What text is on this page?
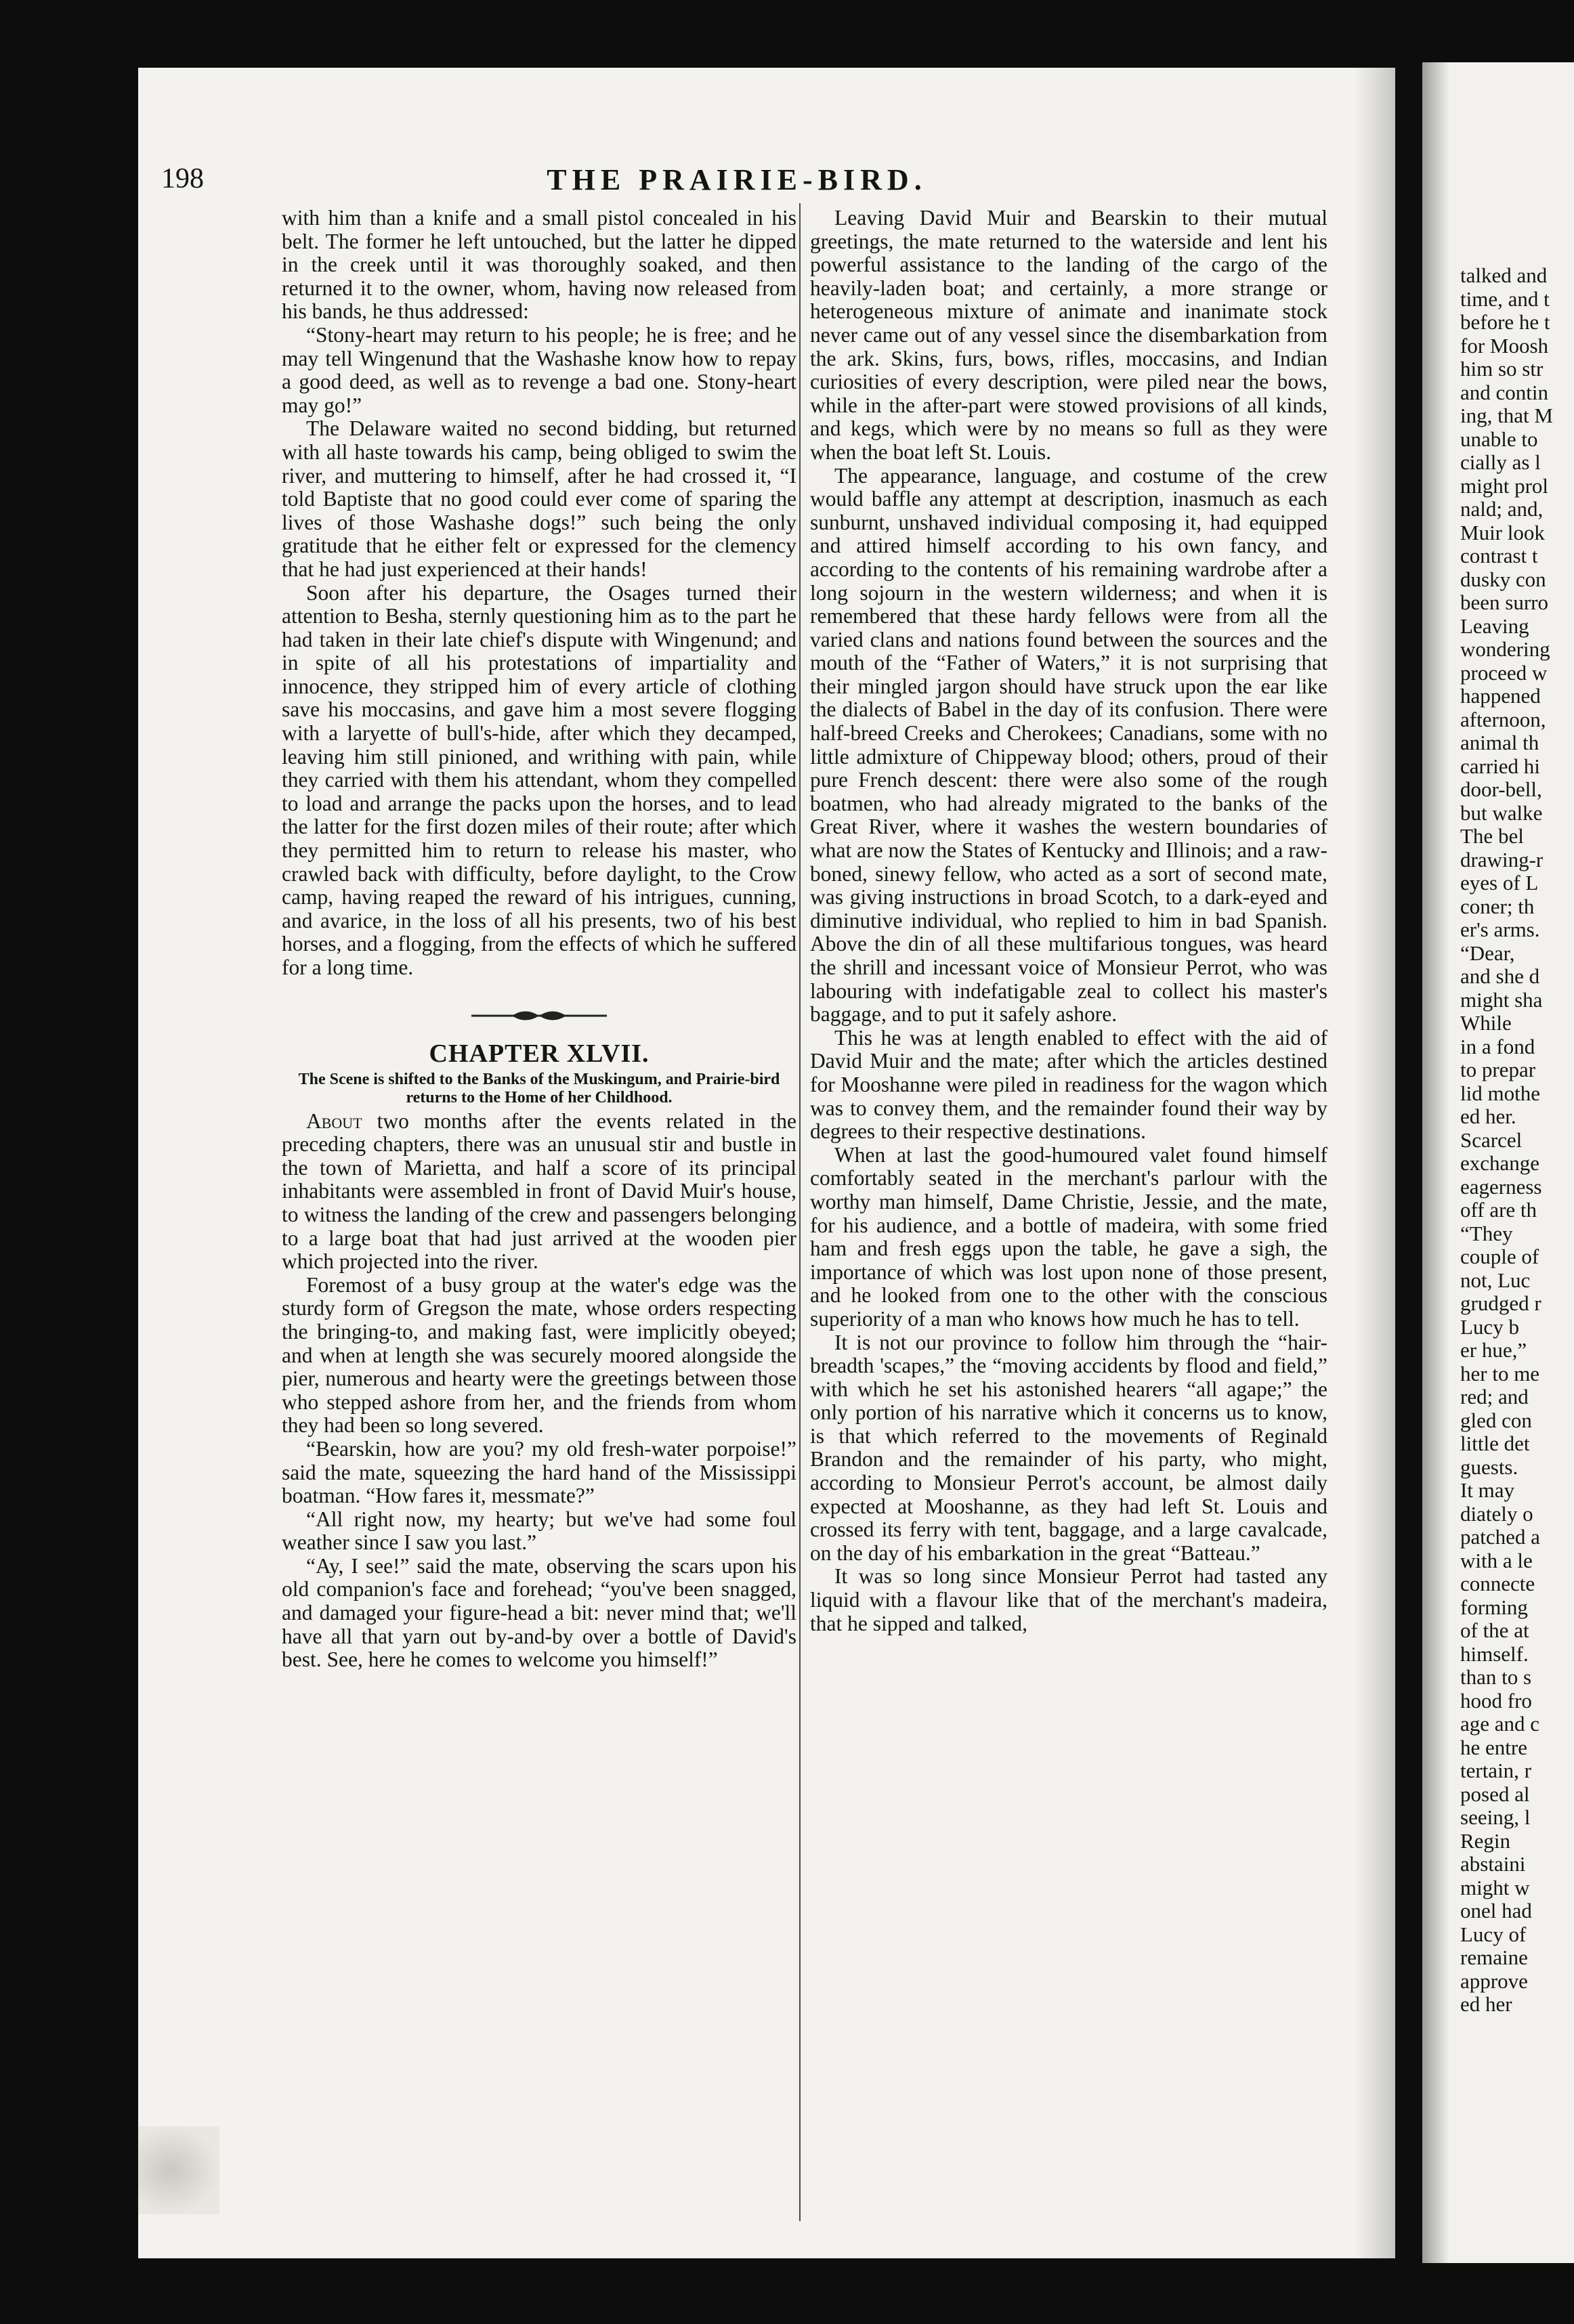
talked and
time, and t
before he t
for Moosh
him so str
and contin
ing, that M
unable to
cially as l
might prol
nald; and,
Muir look
contrast t
dusky con
been surro
Leaving
wondering
proceed w
happened
afternoon,
animal th
carried hi
door-bell,
but walke
The bel
drawing-r
eyes of L
coner; th
er's arms.
“Dear,
and she d
might sha
While
in a fond
to prepar
lid mothe
ed her.
Scarcel
exchange
eagerness
off are th
“They
couple of
not, Luc
grudged r
Lucy b
er hue,”
her to me
red; and
gled con
little det
guests.
It may
diately o
patched a
with a le
connecte
forming
of the at
himself.
than to s
hood fro
age and c
he entre
tertain, r
posed al
seeing, l
Regin
abstaini
might w
onel had
Lucy of
remaine
approve
ed her
198	THE PRAIRIE-BIRD.

with him than a knife and a small pistol concealed in his belt. The former he left untouched, but the latter he dipped in the creek until it was thoroughly soaked, and then returned it to the owner, whom, having now released from his bands, he thus addressed:

“Stony-heart may return to his people; he is free; and he may tell Wingenund that the Washashe know how to repay a good deed, as well as to revenge a bad one. Stony-heart may go!”

The Delaware waited no second bidding, but returned with all haste towards his camp, being obliged to swim the river, and muttering to himself, after he had crossed it, “I told Baptiste that no good could ever come of sparing the lives of those Washashe dogs!” such being the only gratitude that he either felt or expressed for the clemency that he had just experienced at their hands!

Soon after his departure, the Osages turned their attention to Besha, sternly questioning him as to the part he had taken in their late chief's dispute with Wingenund; and in spite of all his protestations of impartiality and innocence, they stripped him of every article of clothing save his moccasins, and gave him a most severe flogging with a laryette of bull's-hide, after which they decamped, leaving him still pinioned, and writhing with pain, while they carried with them his attendant, whom they compelled to load and arrange the packs upon the horses, and to lead the latter for the first dozen miles of their route; after which they permitted him to return to release his master, who crawled back with difficulty, before daylight, to the Crow camp, having reaped the reward of his intrigues, cunning, and avarice, in the loss of all his presents, two of his best horses, and a flogging, from the effects of which he suffered for a long time.

CHAPTER XLVII.
The Scene is shifted to the Banks of the Muskingum, and Prairie-bird returns to the Home of her Childhood.

About two months after the events related in the preceding chapters, there was an unusual stir and bustle in the town of Marietta, and half a score of its principal inhabitants were assembled in front of David Muir's house, to witness the landing of the crew and passengers belonging to a large boat that had just arrived at the wooden pier which projected into the river.

Foremost of a busy group at the water's edge was the sturdy form of Gregson the mate, whose orders respecting the bringing-to, and making fast, were implicitly obeyed; and when at length she was securely moored alongside the pier, numerous and hearty were the greetings between those who stepped ashore from her, and the friends from whom they had been so long severed.

“Bearskin, how are you? my old fresh-water porpoise!” said the mate, squeezing the hard hand of the Mississippi boatman. “How fares it, messmate?”

“All right now, my hearty; but we've had some foul weather since I saw you last.”

“Ay, I see!” said the mate, observing the scars upon his old companion's face and forehead; “you've been snagged, and damaged your figure-head a bit: never mind that; we'll have all that yarn out by-and-by over a bottle of David's best. See, here he comes to welcome you himself!”

Leaving David Muir and Bearskin to their mutual greetings, the mate returned to the waterside and lent his powerful assistance to the landing of the cargo of the heavily-laden boat; and certainly, a more strange or heterogeneous mixture of animate and inanimate stock never came out of any vessel since the disembarkation from the ark. Skins, furs, bows, rifles, moccasins, and Indian curiosities of every description, were piled near the bows, while in the after-part were stowed provisions of all kinds, and kegs, which were by no means so full as they were when the boat left St. Louis.

The appearance, language, and costume of the crew would baffle any attempt at description, inasmuch as each sunburnt, unshaved individual composing it, had equipped and attired himself according to his own fancy, and according to the contents of his remaining wardrobe after a long sojourn in the western wilderness; and when it is remembered that these hardy fellows were from all the varied clans and nations found between the sources and the mouth of the “Father of Waters,” it is not surprising that their mingled jargon should have struck upon the ear like the dialects of Babel in the day of its confusion. There were half-breed Creeks and Cherokees; Canadians, some with no little admixture of Chippeway blood; others, proud of their pure French descent: there were also some of the rough boatmen, who had already migrated to the banks of the Great River, where it washes the western boundaries of what are now the States of Kentucky and Illinois; and a raw-boned, sinewy fellow, who acted as a sort of second mate, was giving instructions in broad Scotch, to a dark-eyed and diminutive individual, who replied to him in bad Spanish. Above the din of all these multifarious tongues, was heard the shrill and incessant voice of Monsieur Perrot, who was labouring with indefatigable zeal to collect his master's baggage, and to put it safely ashore.

This he was at length enabled to effect with the aid of David Muir and the mate; after which the articles destined for Mooshanne were piled in readiness for the wagon which was to convey them, and the remainder found their way by degrees to their respective destinations.

When at last the good-humoured valet found himself comfortably seated in the merchant's parlour with the worthy man himself, Dame Christie, Jessie, and the mate, for his audience, and a bottle of madeira, with some fried ham and fresh eggs upon the table, he gave a sigh, the importance of which was lost upon none of those present, and he looked from one to the other with the conscious superiority of a man who knows how much he has to tell.

It is not our province to follow him through the “hair-breadth 'scapes,” the “moving accidents by flood and field,” with which he set his astonished hearers “all agape;” the only portion of his narrative which it concerns us to know, is that which referred to the movements of Reginald Brandon and the remainder of his party, who might, according to Monsieur Perrot's account, be almost daily expected at Mooshanne, as they had left St. Louis and crossed its ferry with tent, baggage, and a large cavalcade, on the day of his embarkation in the great “Batteau.”

It was so long since Monsieur Perrot had tasted any liquid with a flavour like that of the merchant's madeira, that he sipped and talked,
